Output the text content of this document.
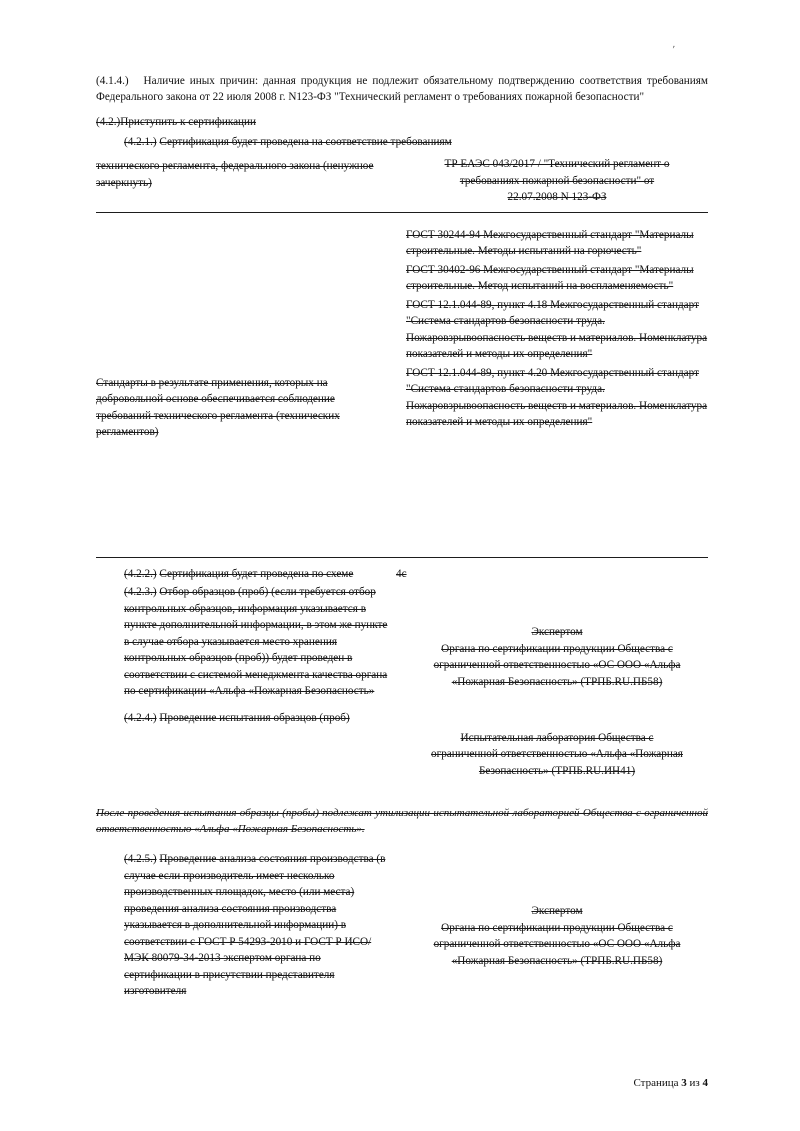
ʹ
(4.1.4.) Наличие иных причин: данная продукция не подлежит обязательному подтверждению соответствия требованиям Федерального закона от 22 июля 2008 г. N123-ФЗ "Технический регламент о требованиях пожарной безопасности"
(4.2.)Приступить к сертификации
(4.2.1.) Сертификация будет проведена на соответствие требованиям
технического регламента, федерального закона (ненужное зачеркнуть)
ТР ЕАЭС 043/2017 / "Технический регламент о
требованиях пожарной безопасности" от
22.07.2008 N 123-ФЗ
Стандарты в результате применения, которых на добровольной основе обеспечивается соблюдение требований технического регламента (технических регламентов)
ГОСТ 30244-94 Межгосударственный стандарт "Материалы строительные. Методы испытаний на горючесть"
ГОСТ 30402-96 Межгосударственный стандарт "Материалы строительные. Метод испытаний на воспламеняемость"
ГОСТ 12.1.044-89, пункт 4.18 Межгосударственный стандарт "Система стандартов безопасности труда. Пожаровзрывоопасность веществ и материалов. Номенклатура показателей и методы их определения"
ГОСТ 12.1.044-89, пункт 4.20 Межгосударственный стандарт "Система стандартов безопасности труда. Пожаровзрывоопасность веществ и материалов. Номенклатура показателей и методы их определения"
(4.2.2.) Сертификация будет проведена по схеме	4с
(4.2.3.) Отбор образцов (проб) (если требуется отбор контрольных образцов, информация указывается в пункте дополнительной информации, в этом же пункте в случае отбора указывается место хранения контрольных образцов (проб)) будет проведен в соответствии с системой менеджмента качества органа по сертификации «Альфа «Пожарная Безопасность»
Экспертом
Органа по сертификации продукции Общества с
ограниченной ответственностью «ОС ООО «Альфа
«Пожарная Безопасность» (ТРПБ.RU.ПБ58)
(4.2.4.) Проведение испытания образцов (проб)
Испытательная лаборатория Общества с
ограниченной ответственностью «Альфа «Пожарная
Безопасность» (ТРПБ.RU.ИН41)
После проведения испытания образцы (пробы) подлежат утилизации испытательной лабораторией Общества с ограниченной ответственностью «Альфа «Пожарная Безопасность».
(4.2.5.) Проведение анализа состояния производства (в случае если производитель имеет несколько производственных площадок, место (или места) проведения анализа состояния производства указывается в дополнительной информации) в соответствии с ГОСТ Р 54293-2010 и ГОСТ Р ИСО/МЭК 80079-34-2013 экспертом органа по сертификации в присутствии представителя изготовителя
Экспертом
Органа по сертификации продукции Общества с
ограниченной ответственностью «ОС ООО «Альфа
«Пожарная Безопасность» (ТРПБ.RU.ПБ58)
Страница 3 из 4
